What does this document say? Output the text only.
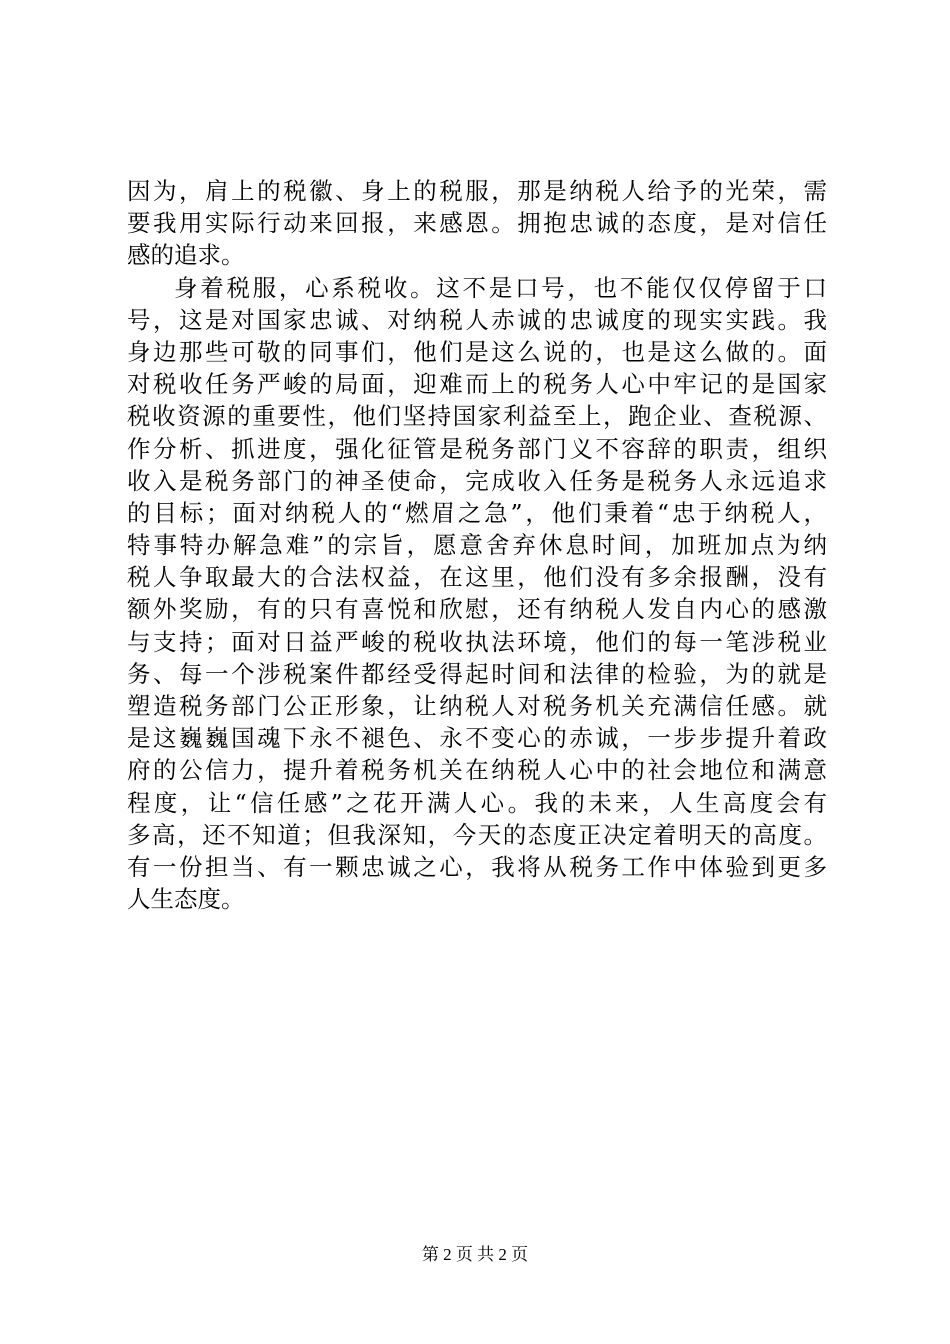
因为，肩上的税徽、身上的税服，那是纳税人给予的光荣，需
要我用实际行动来回报，来感恩。拥抱忠诚的态度，是对信任
感的追求。
身着税服，心系税收。这不是口号，也不能仅仅停留于口
号，这是对国家忠诚、对纳税人赤诚的忠诚度的现实实践。我
身边那些可敬的同事们，他们是这么说的，也是这么做的。面
对税收任务严峻的局面，迎难而上的税务人心中牢记的是国家
税收资源的重要性，他们坚持国家利益至上，跑企业、查税源、
作分析、抓进度，强化征管是税务部门义不容辞的职责，组织
收入是税务部门的神圣使命，完成收入任务是税务人永远追求
的目标；面对纳税人的“燃眉之急”，他们秉着“忠于纳税人，
特事特办解急难”的宗旨，愿意舍弃休息时间，加班加点为纳
税人争取最大的合法权益，在这里，他们没有多余报酬，没有
额外奖励，有的只有喜悦和欣慰，还有纳税人发自内心的感激
与支持；面对日益严峻的税收执法环境，他们的每一笔涉税业
务、每一个涉税案件都经受得起时间和法律的检验，为的就是
塑造税务部门公正形象，让纳税人对税务机关充满信任感。就
是这巍巍国魂下永不褪色、永不变心的赤诚，一步步提升着政
府的公信力，提升着税务机关在纳税人心中的社会地位和满意
程度，让“信任感”之花开满人心。我的未来，人生高度会有
多高，还不知道；但我深知，今天的态度正决定着明天的高度。
有一份担当、有一颗忠诚之心，我将从税务工作中体验到更多
人生态度。
第 2 页 共 2 页
